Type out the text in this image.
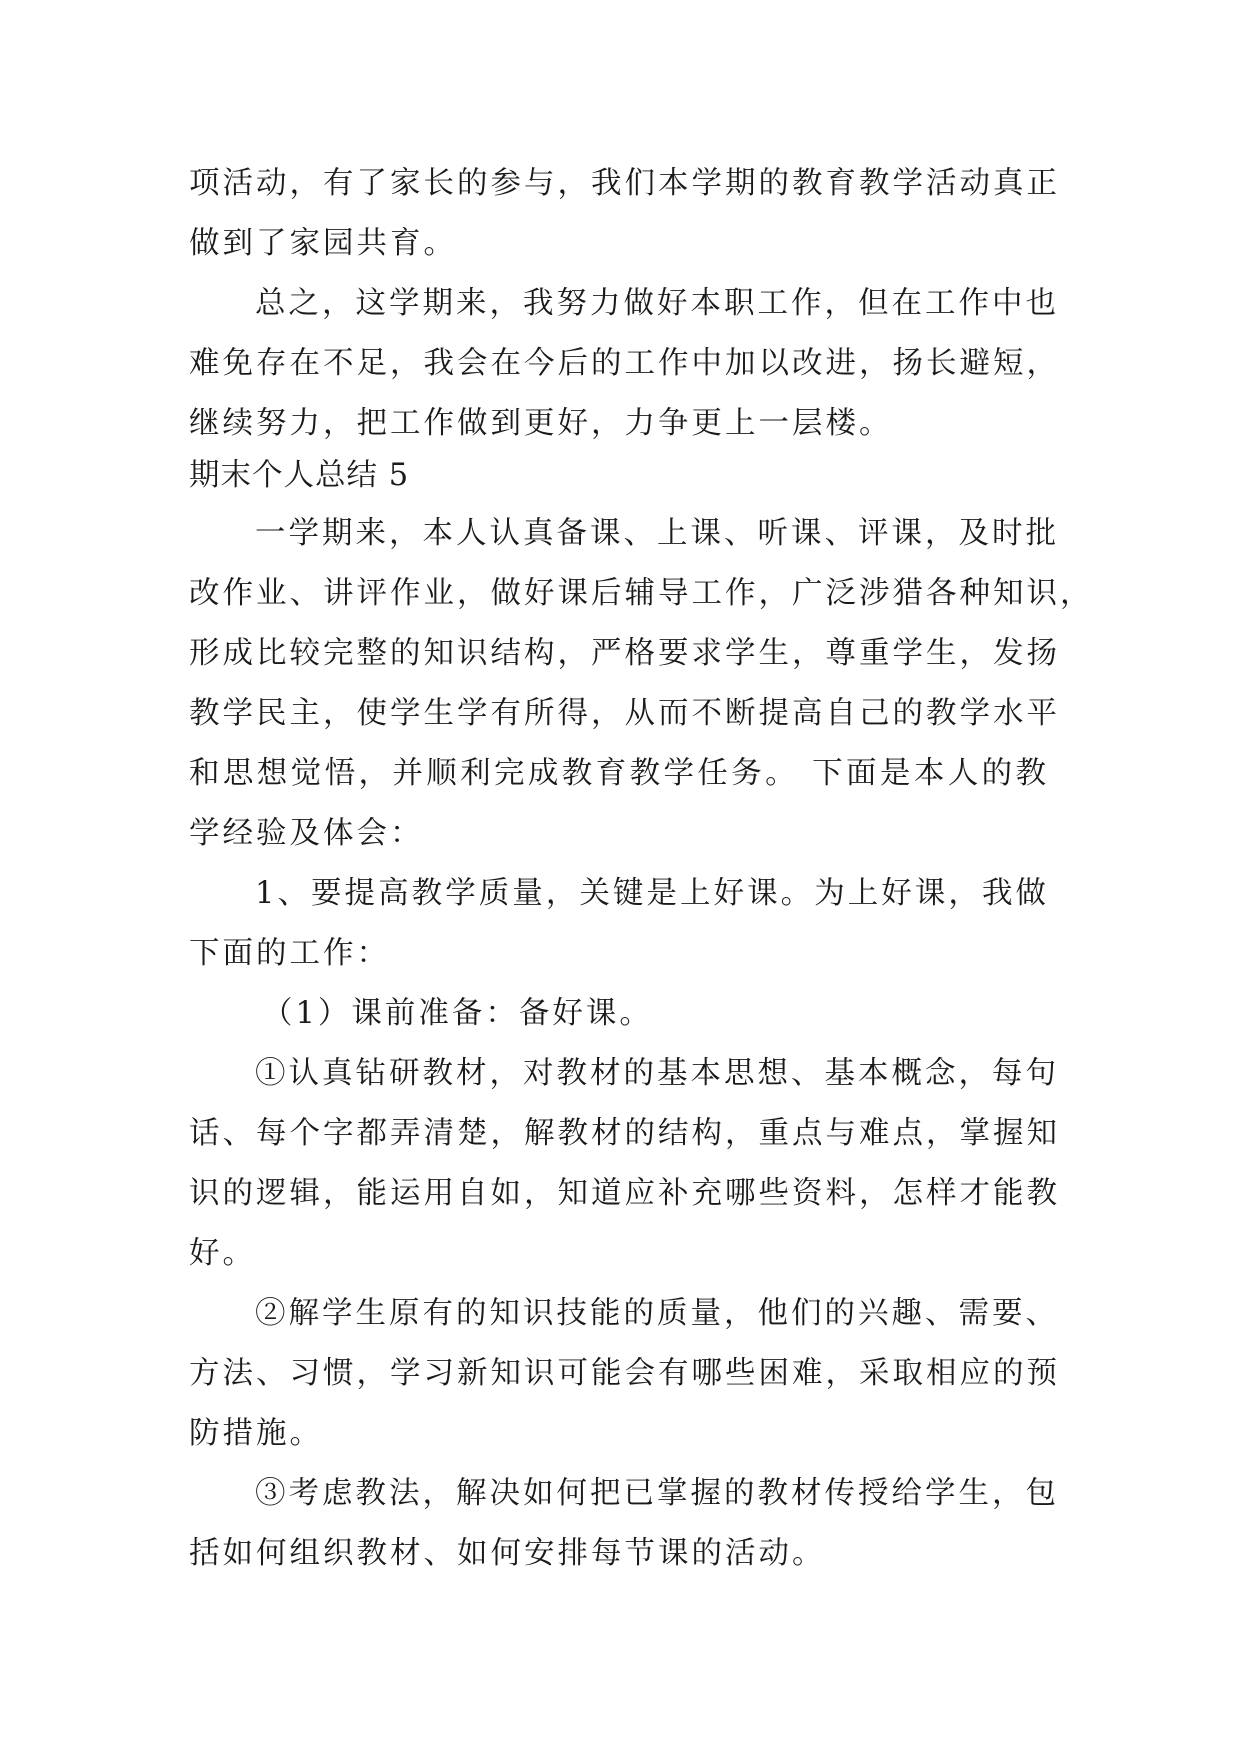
项活动，有了家长的参与，我们本学期的教育教学活动真正
做到了家园共育。
总之，这学期来，我努力做好本职工作，但在工作中也
难免存在不足，我会在今后的工作中加以改进，扬长避短，
继续努力，把工作做到更好，力争更上一层楼。
期末个人总结 5
一学期来，本人认真备课、上课、听课、评课，及时批
改作业、讲评作业，做好课后辅导工作，广泛涉猎各种知识，
形成比较完整的知识结构，严格要求学生，尊重学生，发扬
教学民主，使学生学有所得，从而不断提高自己的教学水平
和思想觉悟，并顺利完成教育教学任务。 下面是本人的教
学经验及体会：
1、要提高教学质量，关键是上好课。为上好课，我做
下面的工作：
（1）课前准备：备好课。
①认真钻研教材，对教材的基本思想、基本概念，每句
话、每个字都弄清楚，解教材的结构，重点与难点，掌握知
识的逻辑，能运用自如，知道应补充哪些资料，怎样才能教
好。
②解学生原有的知识技能的质量，他们的兴趣、需要、
方法、习惯，学习新知识可能会有哪些困难，采取相应的预
防措施。
③考虑教法，解决如何把已掌握的教材传授给学生，包
括如何组织教材、如何安排每节课的活动。
